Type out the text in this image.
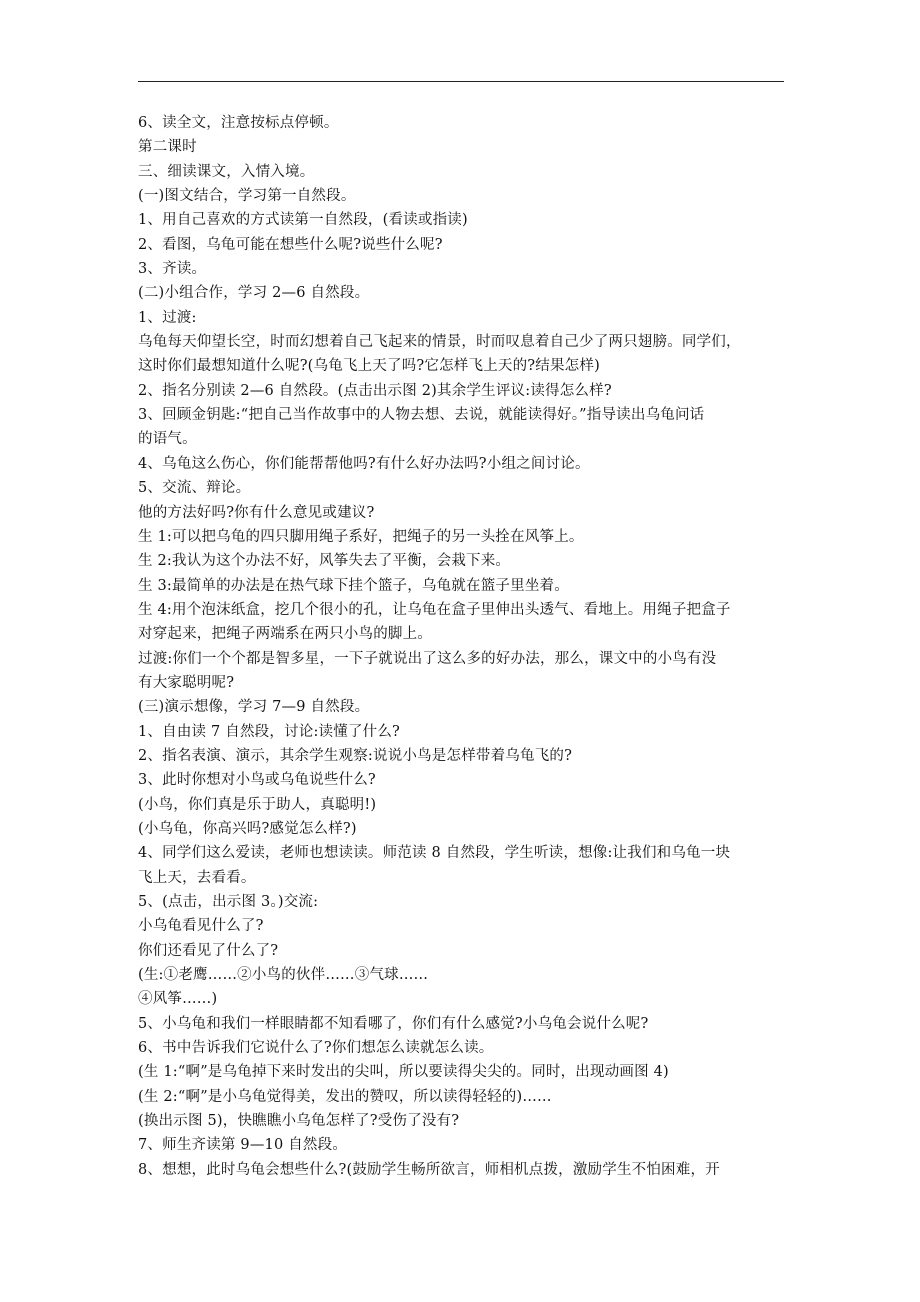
6、读全文，注意按标点停顿。
第二课时
三、细读课文，入情入境。
(一)图文结合，学习第一自然段。
1、用自己喜欢的方式读第一自然段，(看读或指读)
2、看图，乌龟可能在想些什么呢?说些什么呢?
3、齐读。
(二)小组合作，学习 2—6 自然段。
1、过渡:
乌龟每天仰望长空，时而幻想着自己飞起来的情景，时而叹息着自己少了两只翅膀。同学们，
这时你们最想知道什么呢?(乌龟飞上天了吗?它怎样飞上天的?结果怎样)
2、指名分别读 2—6 自然段。(点击出示图 2)其余学生评议:读得怎么样?
3、回顾金钥匙:“把自己当作故事中的人物去想、去说，就能读得好。”指导读出乌龟问话
的语气。
4、乌龟这么伤心，你们能帮帮他吗?有什么好办法吗?小组之间讨论。
5、交流、辩论。
他的方法好吗?你有什么意见或建议?
生 1:可以把乌龟的四只脚用绳子系好，把绳子的另一头拴在风筝上。
生 2:我认为这个办法不好，风筝失去了平衡，会栽下来。
生 3:最简单的办法是在热气球下挂个篮子，乌龟就在篮子里坐着。
生 4:用个泡沫纸盒，挖几个很小的孔，让乌龟在盒子里伸出头透气、看地上。用绳子把盒子
对穿起来，把绳子两端系在两只小鸟的脚上。
过渡:你们一个个都是智多星，一下子就说出了这么多的好办法，那么，课文中的小鸟有没
有大家聪明呢?
(三)演示想像，学习 7—9 自然段。
1、自由读 7 自然段，讨论:读懂了什么?
2、指名表演、演示，其余学生观察:说说小鸟是怎样带着乌龟飞的?
3、此时你想对小鸟或乌龟说些什么?
(小鸟，你们真是乐于助人，真聪明!)
(小乌龟，你高兴吗?感觉怎么样?)
4、同学们这么爱读，老师也想读读。师范读 8 自然段，学生听读，想像:让我们和乌龟一块
飞上天，去看看。
5、(点击，出示图 3。)交流:
小乌龟看见什么了?
你们还看见了什么了?
(生:①老鹰……②小鸟的伙伴……③气球……
④风筝……)
5、小乌龟和我们一样眼睛都不知看哪了，你们有什么感觉?小乌龟会说什么呢?
6、书中告诉我们它说什么了?你们想怎么读就怎么读。
(生 1:“啊”是乌龟掉下来时发出的尖叫，所以要读得尖尖的。同时，出现动画图 4)
(生 2:“啊”是小乌龟觉得美，发出的赞叹，所以读得轻轻的)……
(换出示图 5)，快瞧瞧小乌龟怎样了?受伤了没有?
7、师生齐读第 9—10 自然段。
8、想想，此时乌龟会想些什么?(鼓励学生畅所欲言，师相机点拨，激励学生不怕困难，开
